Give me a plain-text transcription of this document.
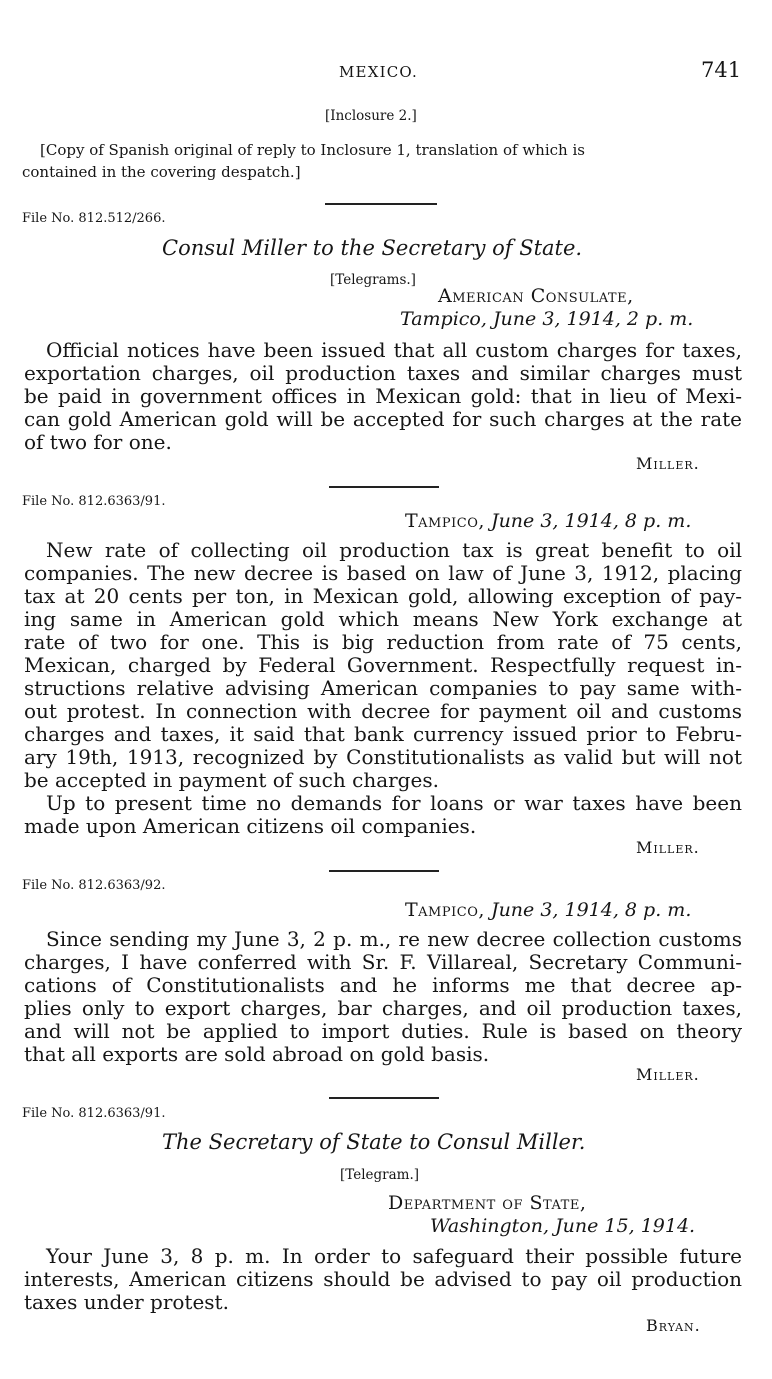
MEXICO.	741
[Inclosure 2.]
[Copy of Spanish original of reply to Inclosure 1, translation of which is
contained in the covering despatch.]
File No. 812.512/266.
Consul Miller to the Secretary of State.
[Telegrams.]
American Consulate,
Tampico, June 3, 1914, 2 p. m.
Official notices have been issued that all custom charges for taxes,
exportation charges, oil production taxes and similar charges must
be paid in government offices in Mexican gold: that in lieu of Mexi-
can gold American gold will be accepted for such charges at the rate
of two for one.
Miller.
File No. 812.6363/91.
Tampico, June 3, 1914, 8 p. m.
New rate of collecting oil production tax is great benefit to oil
companies. The new decree is based on law of June 3, 1912, placing
tax at 20 cents per ton, in Mexican gold, allowing exception of pay-
ing same in American gold which means New York exchange at
rate of two for one. This is big reduction from rate of 75 cents,
Mexican, charged by Federal Government. Respectfully request in-
structions relative advising American companies to pay same with-
out protest. In connection with decree for payment oil and customs
charges and taxes, it said that bank currency issued prior to Febru-
ary 19th, 1913, recognized by Constitutionalists as valid but will not
be accepted in payment of such charges.
Up to present time no demands for loans or war taxes have been
made upon American citizens oil companies.
Miller.
File No. 812.6363/92.
Tampico, June 3, 1914, 8 p. m.
Since sending my June 3, 2 p. m., re new decree collection customs
charges, I have conferred with Sr. F. Villareal, Secretary Communi-
cations of Constitutionalists and he informs me that decree ap-
plies only to export charges, bar charges, and oil production taxes,
and will not be applied to import duties. Rule is based on theory
that all exports are sold abroad on gold basis.
Miller.
File No. 812.6363/91.
The Secretary of State to Consul Miller.
[Telegram.]
Department of State,
Washington, June 15, 1914.
Your June 3, 8 p. m. In order to safeguard their possible future
interests, American citizens should be advised to pay oil production
taxes under protest.
Bryan.
